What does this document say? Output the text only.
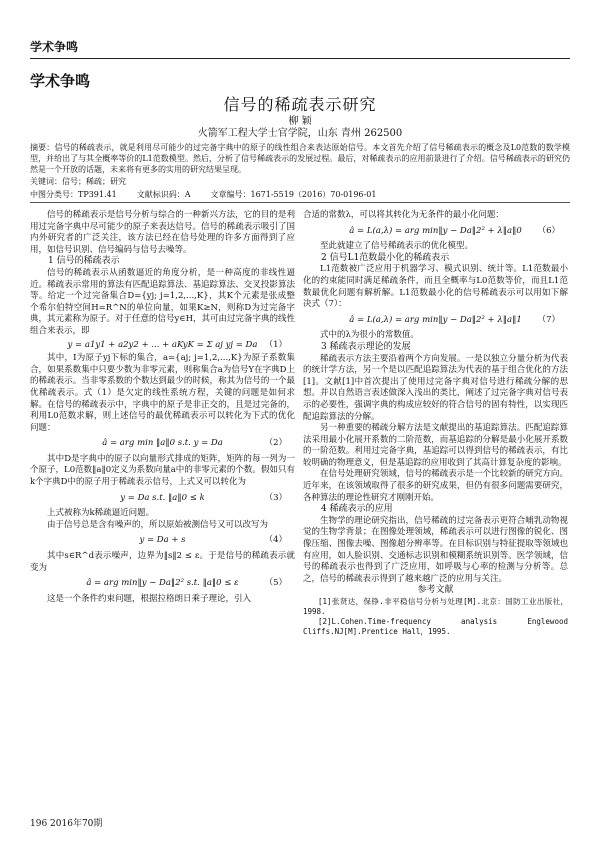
学术争鸣
学术争鸣
信号的稀疏表示研究
柳 颖
火箭军工程大学士官学院，山东 青州 262500
摘要：信号的稀疏表示，就是利用尽可能少的过完备字典中的原子的线性组合来表达原始信号。本文首先介绍了信号稀疏表示的概念及L0范数的数学模型，并给出了与其全概率等价的L1范数模型。然后，分析了信号稀疏表示的发展过程。最后，对稀疏表示的应用前景进行了介绍。信号稀疏表示的研究仍然是一个开放的话题，未来将有更多的实用的研究结果呈现。
关键词：信号；稀疏；研究
中图分类号：TP391.41	文献标识码：A	文章编号：1671-5519（2016）70-0196-01

信号的稀疏表示是信号分析与综合的一种新兴方法，它的目的是利用过完备字典中尽可能少的原子来表达信号。信号的稀疏表示吸引了国内外研究者的广泛关注，该方法已经在信号处理的许多方面得到了应用，如信号识别、信号编码与信号去噪等。

1 信号的稀疏表示

信号的稀疏表示从函数逼近的角度分析，是一种高度的非线性逼近。稀疏表示常用的算法有匹配追踪算法、基追踪算法、交叉投影算法等。给定一个过完备集合D={yj; j=1,2,...,K}，其K个元素是张成整个希尔伯特空间H=R^N的单位向量，如果K≥N，则称D为过完备字典，其元素称为原子。对于任意的信号y∈H，其可由过完备字典的线性组合来表示，即

y = a1y1 + a2y2 + ... + aKyK = Σ aj yj = Da （1）

其中，I为原子yj下标的集合，a={aj; j=1,2,...,K}为原子系数集合，如果系数集中只要少数为非零元素，则称集合a为信号Y在字典D上的稀疏表示。当非零系数的个数达到最少的时候，称其为信号的一个最优稀疏表示。式（1）是欠定的线性系统方程，关键的问题是如何求解。在信号的稀疏表示中，字典中的原子是非正交的，且是过完备的，利用L0范数求解，则上述信号的最优稀疏表示可以转化为下式的优化问题：

â = arg min ‖a‖0 s.t. y = Da	（2）

其中D是字典中的原子以向量形式排成的矩阵，矩阵的每一列为一个原子，L0范数‖a‖0定义为系数向量a中的非零元素的个数。假如只有k个字典D中的原子用于稀疏表示信号，上式又可以转化为

y = Da s.t. ‖a‖0 ≤ k	（3）

上式被称为k稀疏逼近问题。

由于信号总是含有噪声的，所以原始被测信号又可以改写为

y = Da + s	（4）

其中s∈R^d表示噪声，边界为‖s‖2 ≤ ε。于是信号的稀疏表示就变为

â = arg min‖y − Da‖2² s.t. ‖a‖0 ≤ ε	（5）

这是一个条件约束问题，根据拉格朗日乘子理论，引入

合适的常数λ，可以将其转化为无条件的最小化问题：

â = L(a,λ) = arg min‖y − Da‖2² + λ‖a‖0 （6）

至此就建立了信号稀疏表示的优化模型。

2 信号L1范数最小化的稀疏表示

L1范数被广泛应用于机器学习、模式识别、统计等。L1范数最小化的约束能同时满足稀疏条件，而且全概率与L0范数等价，而且L1范数最优化问题有解析解。L1范数最小化的信号稀疏表示可以用如下解决式（7）：

â = L(a,λ) = arg min‖y − Da‖2² + λ‖a‖1 （7）

式中的λ为很小的常数值。

3 稀疏表示理论的发展

稀疏表示方法主要沿着两个方向发展。一是以独立分量分析为代表的统计学方法，另一个是以匹配追踪算法为代表的基于组合优化的方法[1]。文献[1]中首次提出了使用过完备字典对信号进行稀疏分解的思想。并以自然语言表述做深入浅出的类比，阐述了过完备字典对信号表示的必要性，强调字典的构成应较好的符合信号的固有特性，以实现匹配追踪算法的分解。

另一种重要的稀疏分解方法是文献提出的基追踪算法。匹配追踪算法采用最小化展开系数的二阶范数，而基追踪的分解是最小化展开系数的一阶范数。利用过完备字典，基追踪可以得到信号的稀疏表示，有比较明确的物理意义，但是基追踪的应用收到了其高计算复杂度的影响。

在信号处理研究领域，信号的稀疏表示是一个比较新的研究方向。近年来，在该领域取得了很多的研究成果，但仍有很多问题需要研究，各种算法的理论性研究才刚刚开始。

4 稀疏表示的应用

生物学的理论研究指出，信号稀疏的过完备表示更符合哺乳动物视觉的生物学背景；在图像处理领域，稀疏表示可以进行图像的锐化、图像压缩、图像去噪、图像超分辨率等。在目标识别与特征提取等领域也有应用，如人脸识别、交通标志识别和模糊系统识别等。医学领域，信号的稀疏表示也得到了广泛应用，如呼吸与心率的检测与分析等。总之，信号的稀疏表示得到了越来越广泛的应用与关注。

参考文献

[1]张贤达，保铮.非平稳信号分析与处理[M].北京：国防工业出版社，1998.

[2]L.Cohen.Time-frequency analysis Englewood Cliffs.NJ[M].Prentice Hall，1995.

196 2016年70期
